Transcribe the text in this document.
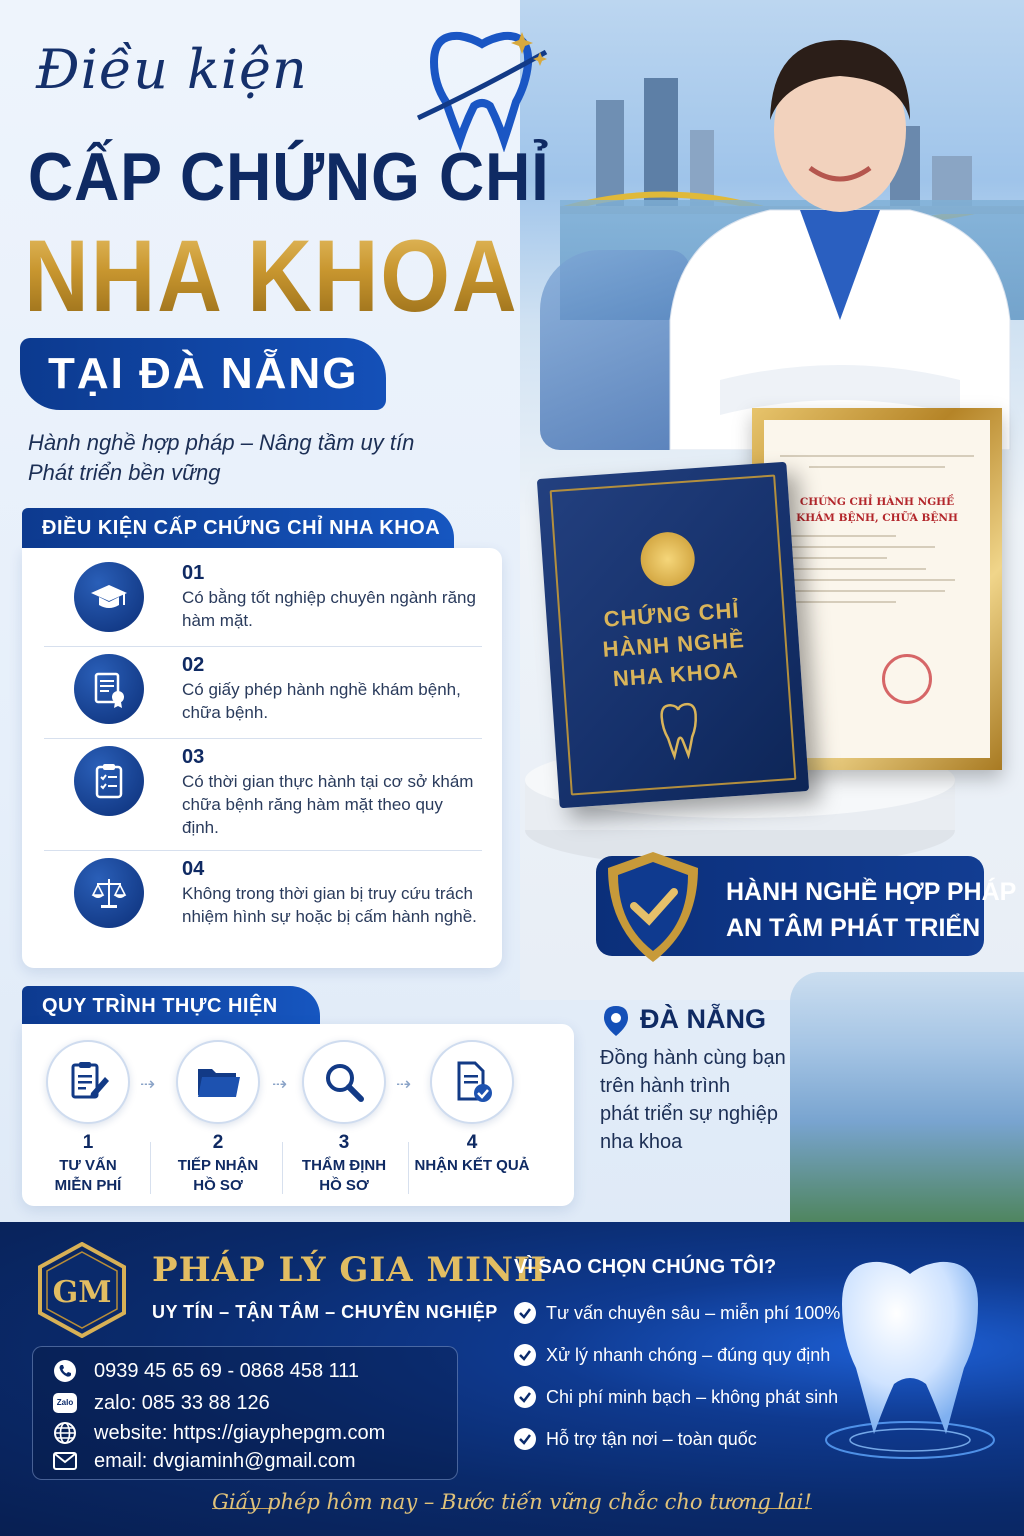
Điều kiện
CẤP CHỨNG CHỈ
NHA KHOA
TẠI ĐÀ NẴNG
Hành nghề hợp pháp – Nâng tầm uy tín
Phát triển bền vững
ĐIỀU KIỆN CẤP CHỨNG CHỈ NHA KHOA
01
Có bằng tốt nghiệp chuyên ngành răng hàm mặt.
02
Có giấy phép hành nghề khám bệnh, chữa bệnh.
03
Có thời gian thực hành tại cơ sở khám chữa bệnh răng hàm mặt theo quy định.
04
Không trong thời gian bị truy cứu trách nhiệm hình sự hoặc bị cấm hành nghề.
QUY TRÌNH THỰC HIỆN
1
TƯ VẤN
MIỄN PHÍ
⇢
2
TIẾP NHẬN
HỒ SƠ
⇢
3
THẨM ĐỊNH
HỒ SƠ
⇢
4
NHẬN KẾT QUẢ
CHỨNG CHỈ HÀNH NGHỀ
KHÁM BỆNH, CHỮA BỆNH
CHỨNG CHỈ
HÀNH NGHỀ
NHA KHOA
HÀNH NGHỀ HỢP PHÁP
AN TÂM PHÁT TRIỂN
ĐÀ NẴNG
Đồng hành cùng bạn
trên hành trình
phát triển sự nghiệp
nha khoa
GM
PHÁP LÝ GIA MINH
UY TÍN – TẬN TÂM – CHUYÊN NGHIỆP
0939 45 65 69 - 0868 458 111
Zalo zalo: 085 33 88 126
website: https://giayphepgm.com
email: dvgiaminh@gmail.com
VÌ SAO CHỌN CHÚNG TÔI?
Tư vấn chuyên sâu – miễn phí 100%
Xử lý nhanh chóng – đúng quy định
Chi phí minh bạch – không phát sinh
Hỗ trợ tận nơi – toàn quốc
Giấy phép hôm nay – Bước tiến vững chắc cho tương lai!
